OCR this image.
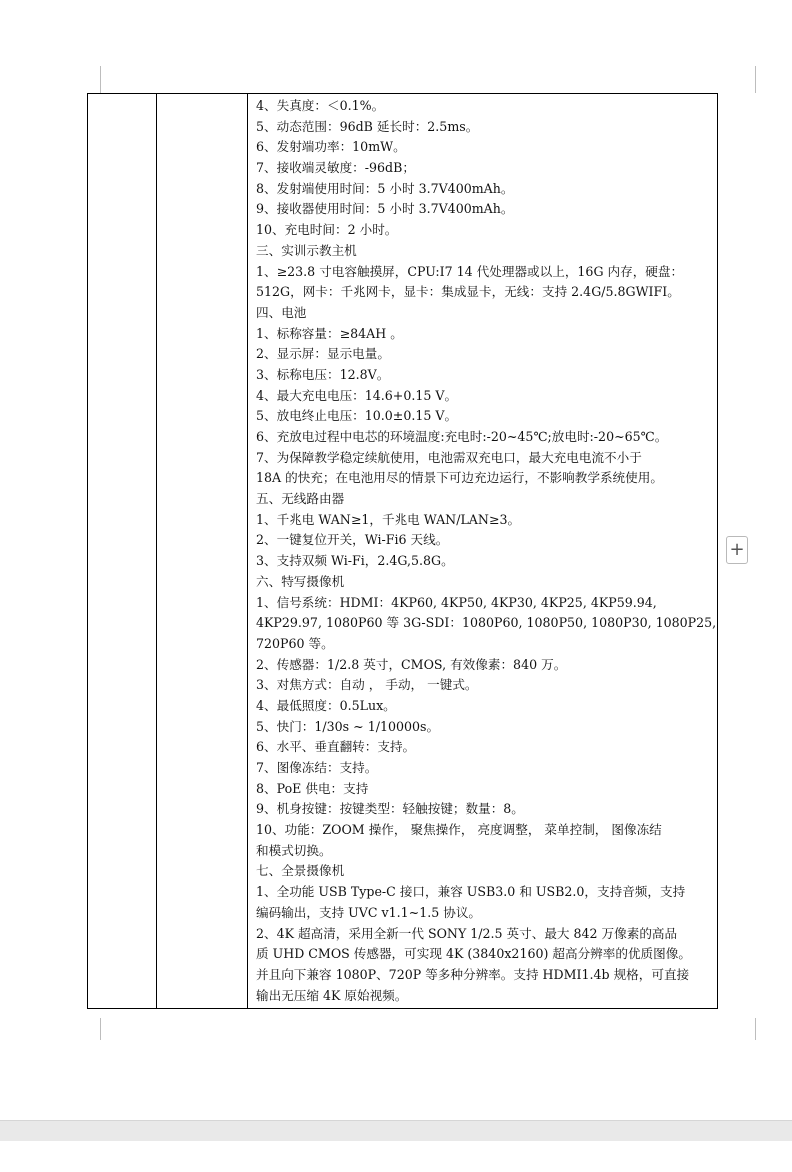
4、失真度：＜0.1%。
5、动态范围：96dB 延长时：2.5ms。
6、发射端功率：10mW。
7、接收端灵敏度：-96dB；
8、发射端使用时间：5 小时 3.7V400mAh。
9、接收器使用时间：5 小时 3.7V400mAh。
10、充电时间：2 小时。
三、实训示教主机
1、≥23.8 寸电容触摸屏，CPU:I7 14 代处理器或以上，16G 内存，硬盘：
512G，网卡：千兆网卡，显卡：集成显卡，无线：支持 2.4G/5.8GWIFI。
四、电池
1、标称容量：≥84AH 。
2、显示屏：显示电量。
3、标称电压：12.8V。
4、最大充电电压：14.6+0.15 V。
5、放电终止电压：10.0±0.15 V。
6、充放电过程中电芯的环境温度:充电时:-20~45℃;放电时:-20~65℃。
7、为保障教学稳定续航使用，电池需双充电口，最大充电电流不小于
18A 的快充；在电池用尽的情景下可边充边运行，不影响教学系统使用。
五、无线路由器
1、千兆电 WAN≥1，千兆电 WAN/LAN≥3。
2、一键复位开关，Wi-Fi6 天线。
3、支持双频 Wi-Fi，2.4G,5.8G。
六、特写摄像机
1、信号系统：HDMI：4KP60, 4KP50, 4KP30, 4KP25, 4KP59.94,
4KP29.97, 1080P60 等 3G-SDI：1080P60, 1080P50, 1080P30, 1080P25,
720P60 等。
2、传感器：1/2.8 英寸，CMOS, 有效像素：840 万。
3、对焦方式：自动 ， 手动， 一键式。
4、最低照度：0.5Lux。
5、快门：1/30s ~ 1/10000s。
6、水平、垂直翻转：支持。
7、图像冻结：支持。
8、PoE 供电：支持
9、机身按键：按键类型：轻触按键；数量：8。
10、功能：ZOOM 操作， 聚焦操作， 亮度调整， 菜单控制， 图像冻结
和模式切换。
七、全景摄像机
1、全功能 USB Type-C 接口，兼容 USB3.0 和 USB2.0，支持音频，支持
编码输出，支持 UVC v1.1~1.5 协议。
2、4K 超高清，采用全新一代 SONY 1/2.5 英寸、最大 842 万像素的高品
质 UHD CMOS 传感器，可实现 4K (3840x2160) 超高分辨率的优质图像。
并且向下兼容 1080P、720P 等多种分辨率。支持 HDMI1.4b 规格，可直接
输出无压缩 4K 原始视频。
+
